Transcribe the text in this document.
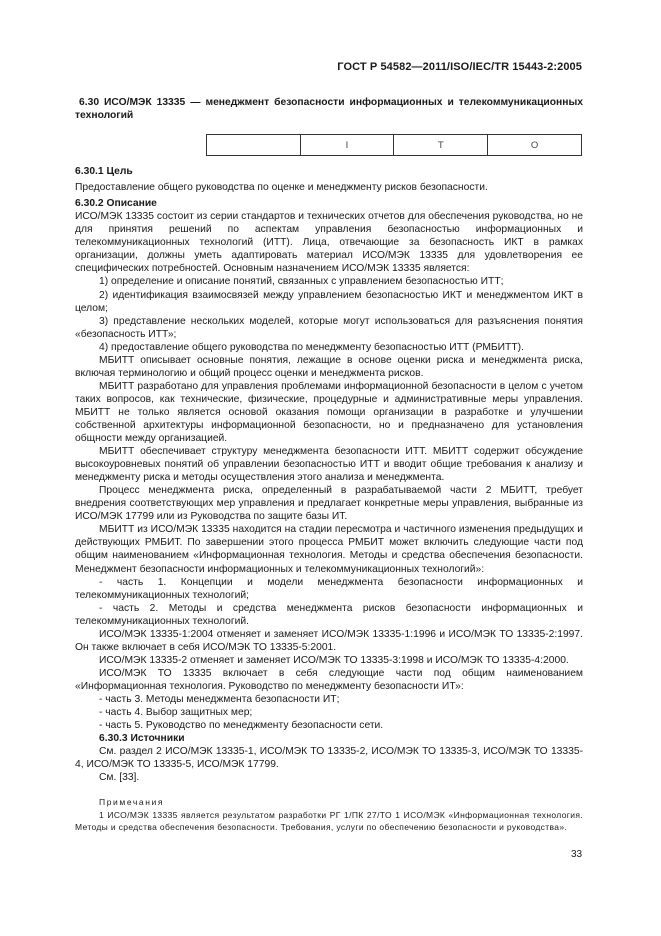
ГОСТ Р 54582—2011/ISO/IEC/TR 15443-2:2005

6.30 ИСО/МЭК 13335 — менеджмент безопасности информационных и телекоммуникационных технологий

	I	T	O

6.30.1 Цель

Предоставление общего руководства по оценке и менеджменту рисков безопасности.

6.30.2 Описание

ИСО/МЭК 13335 состоит из серии стандартов и технических отчетов для обеспечения руководства, но не для принятия решений по аспектам управления безопасностью информационных и телекоммуникационных технологий (ИТТ). Лица, отвечающие за безопасность ИКТ в рамках организации, должны уметь адаптировать материал ИСО/МЭК 13335 для удовлетворения ее специфических потребностей. Основным назначением ИСО/МЭК 13335 является:

1) определение и описание понятий, связанных с управлением безопасностью ИТТ;

2) идентификация взаимосвязей между управлением безопасностью ИКТ и менеджментом ИКТ в целом;

3) представление нескольких моделей, которые могут использоваться для разъяснения понятия «безопасность ИТТ»;

4) предоставление общего руководства по менеджменту безопасностью ИТТ (РМБИТТ).

МБИТТ описывает основные понятия, лежащие в основе оценки риска и менеджмента риска, включая терминологию и общий процесс оценки и менеджмента рисков.

МБИТТ разработано для управления проблемами информационной безопасности в целом с учетом таких вопросов, как технические, физические, процедурные и административные меры управления. МБИТТ не только является основой оказания помощи организации в разработке и улучшении собственной архитектуры информационной безопасности, но и предназначено для установления общности между организацией.

МБИТТ обеспечивает структуру менеджмента безопасности ИТТ. МБИТТ содержит обсуждение высокоуровневых понятий об управлении безопасностью ИТТ и вводит общие требования к анализу и менеджменту риска и методы осуществления этого анализа и менеджмента.

Процесс менеджмента риска, определенный в разрабатываемой части 2 МБИТТ, требует внедрения соответствующих мер управления и предлагает конкретные меры управления, выбранные из ИСО/МЭК 17799 или из Руководства по защите базы ИТ.

МБИТТ из ИСО/МЭК 13335 находится на стадии пересмотра и частичного изменения предыдущих и действующих РМБИТ. По завершении этого процесса РМБИТ может включить следующие части под общим наименованием «Информационная технология. Методы и средства обеспечения безопасности. Менеджмент безопасности информационных и телекоммуникационных технологий»:

- часть 1. Концепции и модели менеджмента безопасности информационных и телекоммуникационных технологий;

- часть 2. Методы и средства менеджмента рисков безопасности информационных и телекоммуникационных технологий.

ИСО/МЭК 13335-1:2004 отменяет и заменяет ИСО/МЭК 13335-1:1996 и ИСО/МЭК ТО 13335-2:1997. Он также включает в себя ИСО/МЭК ТО 13335-5:2001.

ИСО/МЭК 13335-2 отменяет и заменяет ИСО/МЭК ТО 13335-3:1998 и ИСО/МЭК ТО 13335-4:2000.

ИСО/МЭК ТО 13335 включает в себя следующие части под общим наименованием «Информационная технология. Руководство по менеджменту безопасности ИТ»:

- часть 3. Методы менеджмента безопасности ИТ;

- часть 4. Выбор защитных мер;

- часть 5. Руководство по менеджменту безопасности сети.

6.30.3 Источники

См. раздел 2 ИСО/МЭК 13335-1, ИСО/МЭК ТО 13335-2, ИСО/МЭК ТО 13335-3, ИСО/МЭК ТО 13335-4, ИСО/МЭК ТО 13335-5, ИСО/МЭК 17799.

См. [33].

Примечания

1 ИСО/МЭК 13335 является результатом разработки РГ 1/ПК 27/ТО 1 ИСО/МЭК «Информационная технология. Методы и средства обеспечения безопасности. Требования, услуги по обеспечению безопасности и руководства».

33
